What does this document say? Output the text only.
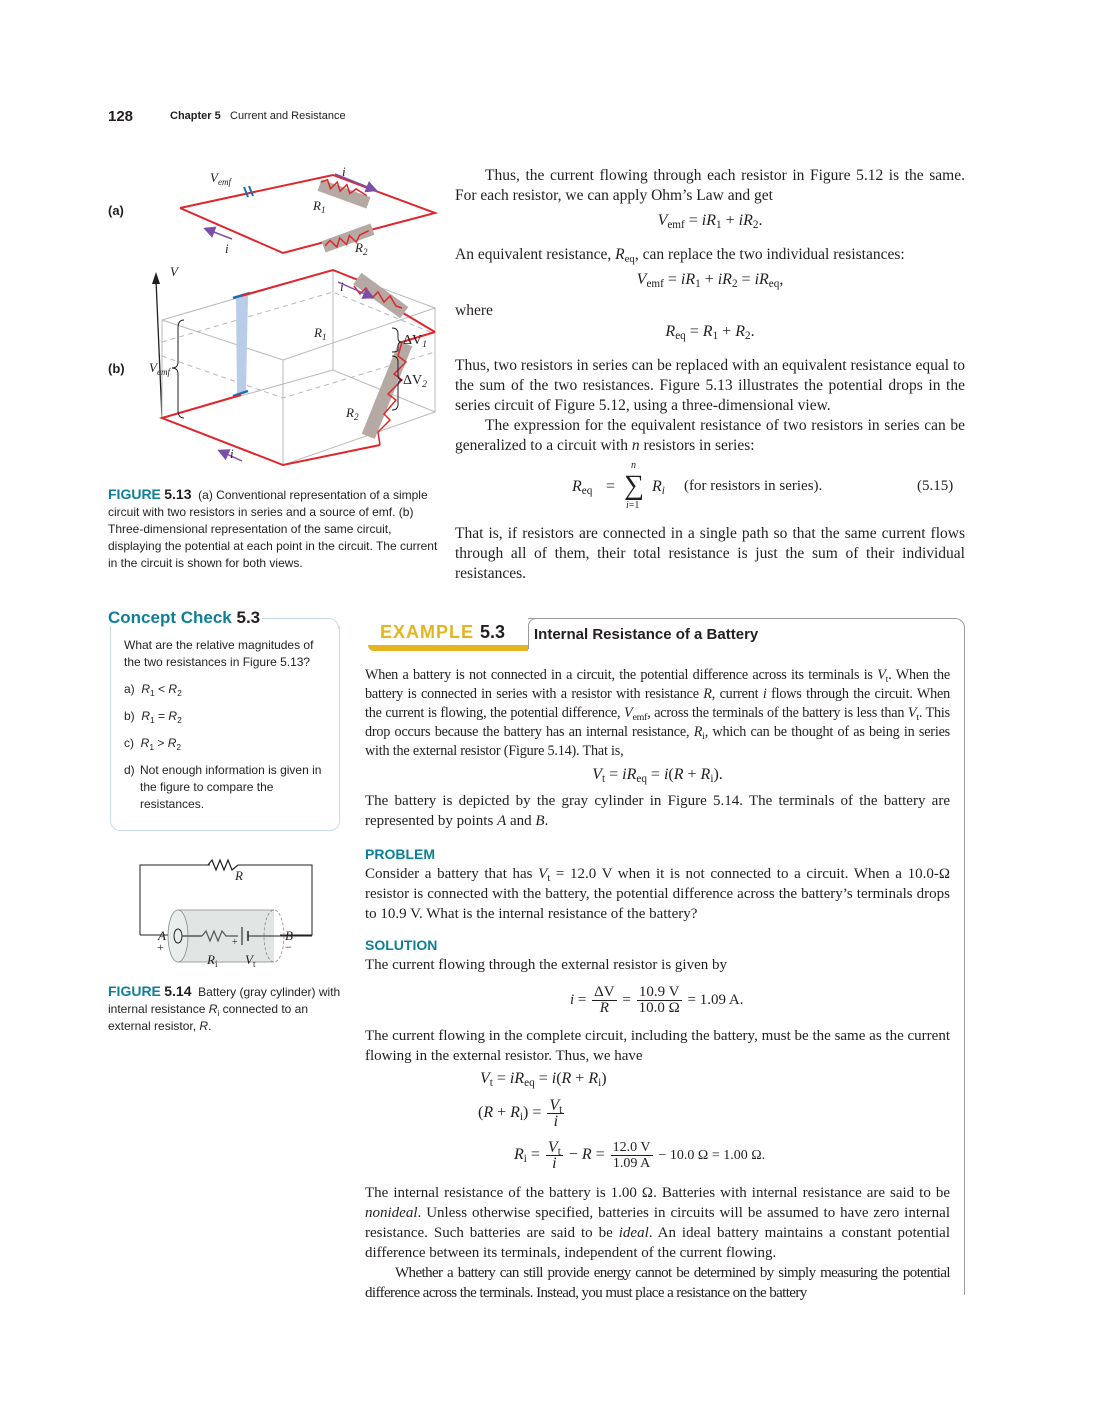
128	Chapter 5 Current and Resistance
(a)
(b)
$V_{emf}$
i
$R_1$
$R_2$
i
V
i
$R_1$	$\Delta V_1$
$\Delta V_2$
$V_{emf}$
$R_2$
i
FIGURE 5.13 (a) Conventional representation of a simple circuit with two resistors in series and a source of emf. (b) Three-dimensional representation of the same circuit, displaying the potential at each point in the circuit. The current in the circuit is shown for both views.
Thus, the current flowing through each resistor in Figure 5.12 is the same. For each resistor, we can apply Ohm’s Law and get
$V_{emf} = iR_1 + iR_2$.
An equivalent resistance, $R_{eq}$, can replace the two individual resistances:
$V_{emf} = iR_1 + iR_2 = iR_{eq}$,
where
$R_{eq} = R_1 + R_2$.
Thus, two resistors in series can be replaced with an equivalent resistance equal to the sum of the two resistances. Figure 5.13 illustrates the potential drops in the series circuit of Figure 5.12, using a three-dimensional view.
The expression for the equivalent resistance of two resistors in series can be generalized to a circuit with n resistors in series:
$R_{eq}$ = ∑
n
i=1
$R_i$ (for resistors in series).	(5.15)
That is, if resistors are connected in a single path so that the same current flows through all of them, their total resistance is just the sum of their individual resistances.
Concept Check 5.3
What are the relative magnitudes of the two resistances in Figure 5.13?
a) $R_1 < R_2$
b) $R_1 = R_2$
c) $R_1 > R_2$
d) Not enough information is given in the figure to compare the resistances.
R
A
+
B
−
+
$R_i$ $V_t$
FIGURE 5.14 Battery (gray cylinder) with internal resistance $R_i$ connected to an external resistor, R.
EXAMPLE 5.3 Internal Resistance of a Battery
When a battery is not connected in a circuit, the potential difference across its terminals is $V_t$. When the battery is connected in series with a resistor with resistance R, current i flows through the circuit. When the current is flowing, the potential difference, $V_{emf}$, across the terminals of the battery is less than $V_t$. This drop occurs because the battery has an internal resistance, $R_i$, which can be thought of as being in series with the external resistor (Figure 5.14). That is,
$V_t = iR_{eq} = i(R + R_i)$.
The battery is depicted by the gray cylinder in Figure 5.14. The terminals of the battery are represented by points A and B.
PROBLEM
Consider a battery that has $V_t = 12.0$ V when it is not connected to a circuit. When a 10.0-Ω resistor is connected with the battery, the potential difference across the battery’s terminals drops to 10.9 V. What is the internal resistance of the battery?
SOLUTION
The current flowing through the external resistor is given by
$i = \frac{\Delta V}{R} = \frac{10.9 V}{10.0 \Omega} = 1.09$ A.
The current flowing in the complete circuit, including the battery, must be the same as the current flowing in the external resistor. Thus, we have
$V_t = iR_{eq} = i(R + R_i)$
$(R + R_i) = \frac{V_t}{i}$
$R_i = \frac{V_t}{i} - R = \frac{12.0 V}{1.09 A} - 10.0$ Ω = 1.00 Ω.
The internal resistance of the battery is 1.00 Ω. Batteries with internal resistance are said to be nonideal. Unless otherwise specified, batteries in circuits will be assumed to have zero internal resistance. Such batteries are said to be ideal. An ideal battery maintains a constant potential difference between its terminals, independent of the current flowing.
Whether a battery can still provide energy cannot be determined by simply measuring the potential difference across the terminals. Instead, you must place a resistance on the battery
